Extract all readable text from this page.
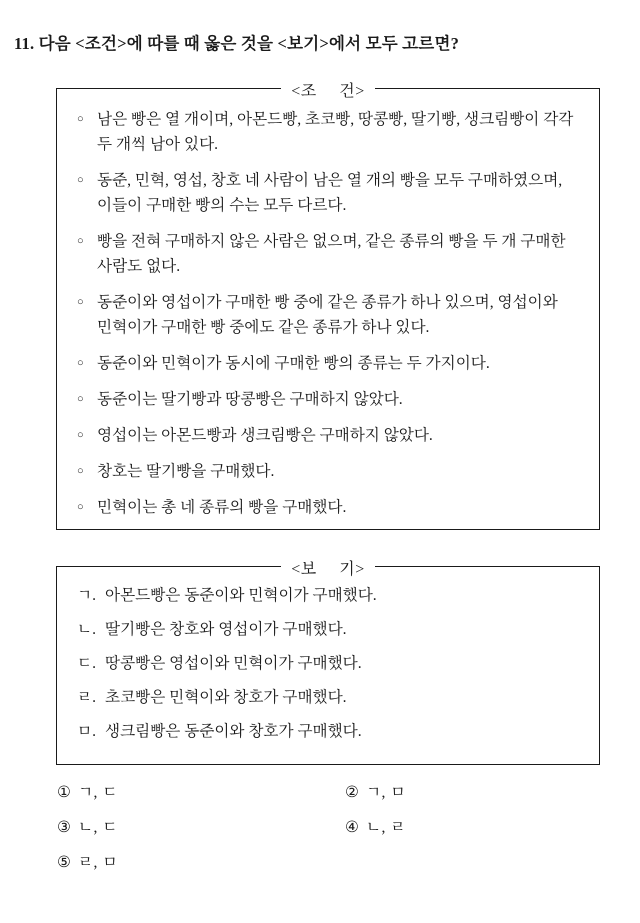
11. 다음 <조건>에 따를 때 옳은 것을 <보기>에서 모두 고르면?
<조     건>
○ 남은 빵은 열 개이며, 아몬드빵, 초코빵, 땅콩빵, 딸기빵, 생크림빵이 각각 두 개씩 남아 있다.
○ 동준, 민혁, 영섭, 창호 네 사람이 남은 열 개의 빵을 모두 구매하였으며, 이들이 구매한 빵의 수는 모두 다르다.
○ 빵을 전혀 구매하지 않은 사람은 없으며, 같은 종류의 빵을 두 개 구매한 사람도 없다.
○ 동준이와 영섭이가 구매한 빵 중에 같은 종류가 하나 있으며, 영섭이와 민혁이가 구매한 빵 중에도 같은 종류가 하나 있다.
○ 동준이와 민혁이가 동시에 구매한 빵의 종류는 두 가지이다.
○ 동준이는 딸기빵과 땅콩빵은 구매하지 않았다.
○ 영섭이는 아몬드빵과 생크림빵은 구매하지 않았다.
○ 창호는 딸기빵을 구매했다.
○ 민혁이는 총 네 종류의 빵을 구매했다.
<보     기>
ㄱ. 아몬드빵은 동준이와 민혁이가 구매했다.
ㄴ. 딸기빵은 창호와 영섭이가 구매했다.
ㄷ. 땅콩빵은 영섭이와 민혁이가 구매했다.
ㄹ. 초코빵은 민혁이와 창호가 구매했다.
ㅁ. 생크림빵은 동준이와 창호가 구매했다.
① ㄱ, ㄷ	② ㄱ, ㅁ
③ ㄴ, ㄷ	④ ㄴ, ㄹ
⑤ ㄹ, ㅁ
